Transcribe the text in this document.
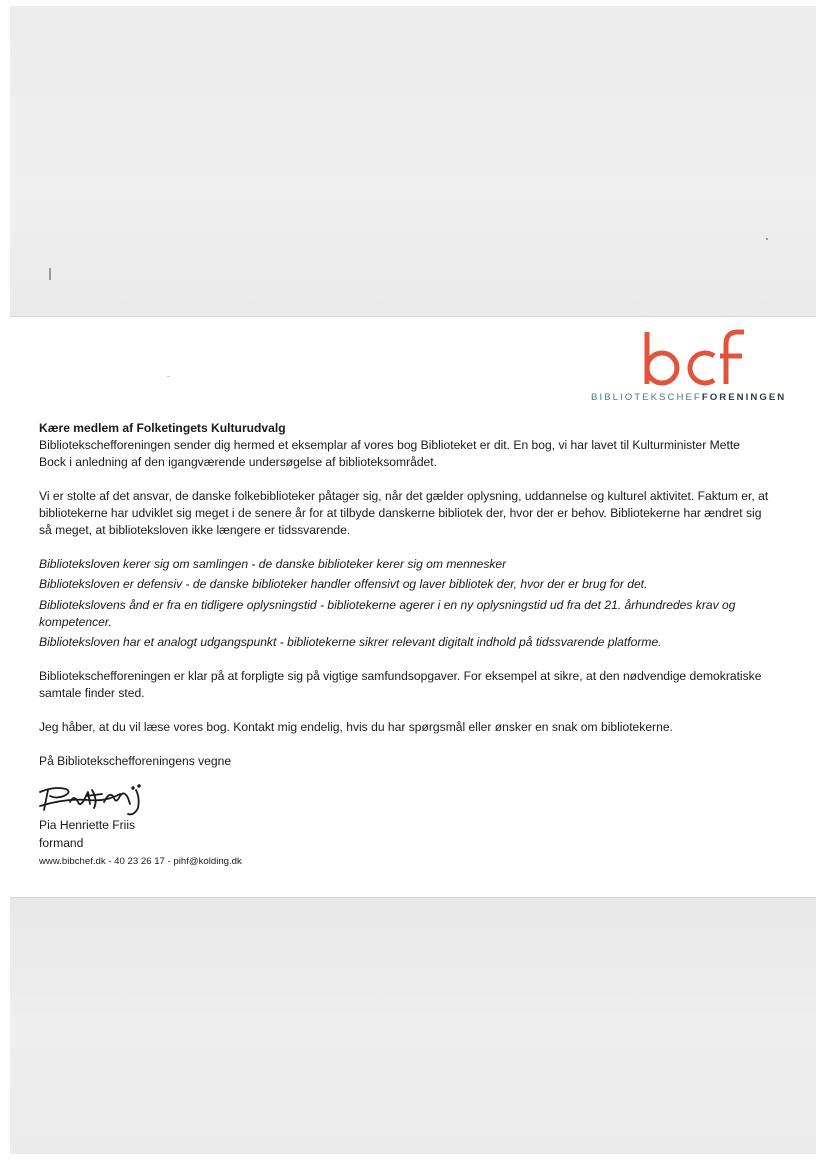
BIBLIOTEKSCHEFFORENINGEN

Kære medlem af Folketingets Kulturudvalg

Bibliotekschefforeningen sender dig hermed et eksemplar af vores bog Biblioteket er dit. En bog, vi har lavet til Kulturminister Mette Bock i anledning af den igangværende undersøgelse af biblioteksområdet.

Vi er stolte af det ansvar, de danske folkebiblioteker påtager sig, når det gælder oplysning, uddannelse og kulturel aktivitet. Faktum er, at bibliotekerne har udviklet sig meget i de senere år for at tilbyde danskerne bibliotek der, hvor der er behov. Bibliotekerne har ændret sig så meget, at biblioteksloven ikke længere er tidssvarende.

Biblioteksloven kerer sig om samlingen - de danske biblioteker kerer sig om mennesker
Biblioteksloven er defensiv - de danske biblioteker handler offensivt og laver bibliotek der, hvor der er brug for det.
Bibliotekslovens ånd er fra en tidligere oplysningstid - bibliotekerne agerer i en ny oplysningstid ud fra det 21. århundredes krav og kompetencer.
Biblioteksloven har et analogt udgangspunkt - bibliotekerne sikrer relevant digitalt indhold på tidssvarende platforme.

Bibliotekschefforeningen er klar på at forpligte sig på vigtige samfundsopgaver. For eksempel at sikre, at den nødvendige demokratiske samtale finder sted.

Jeg håber, at du vil læse vores bog. Kontakt mig endelig, hvis du har spørgsmål eller ønsker en snak om bibliotekerne.

På Bibliotekschefforeningens vegne

Pia Henriette Friis
formand
www.bibchef.dk - 40 23 26 17 - pihf@kolding.dk
